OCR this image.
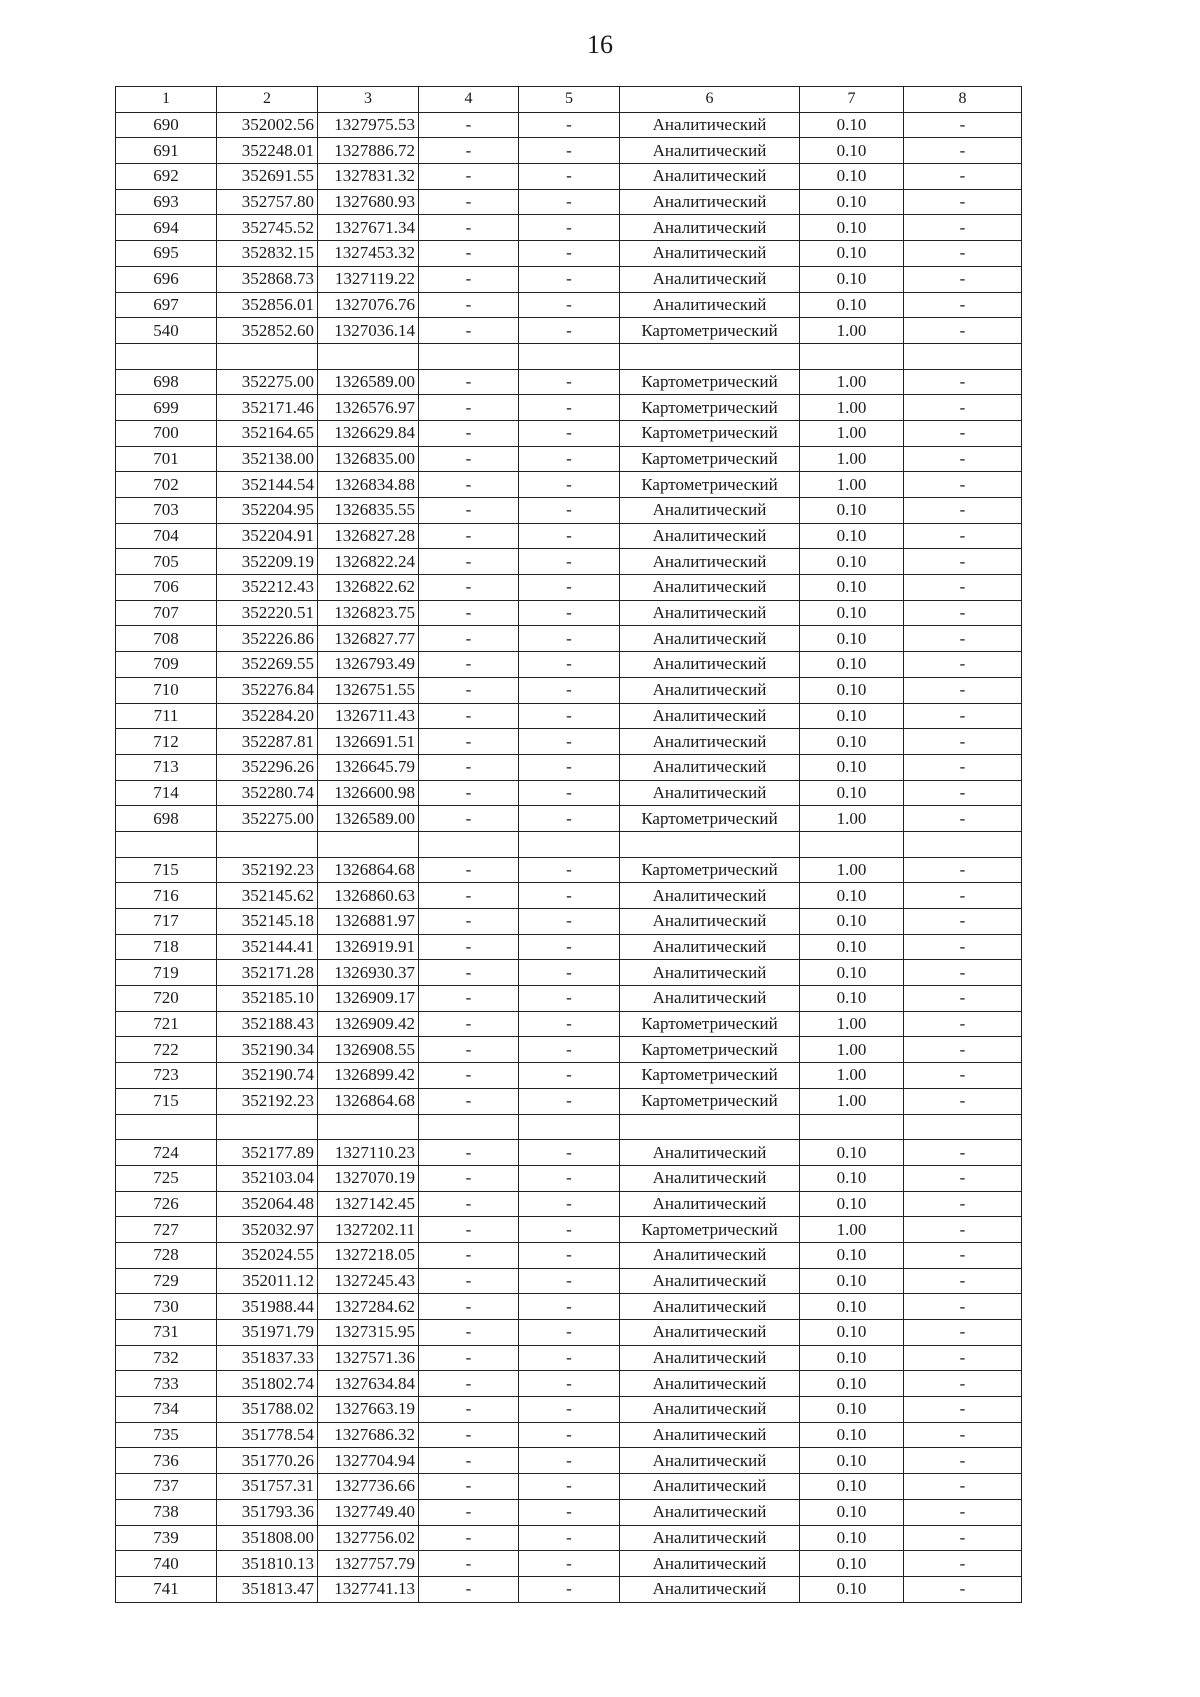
16
1	2	3	4	5	6	7	8
690	352002.56	1327975.53	-	-	Аналитический	0.10	-
691	352248.01	1327886.72	-	-	Аналитический	0.10	-
692	352691.55	1327831.32	-	-	Аналитический	0.10	-
693	352757.80	1327680.93	-	-	Аналитический	0.10	-
694	352745.52	1327671.34	-	-	Аналитический	0.10	-
695	352832.15	1327453.32	-	-	Аналитический	0.10	-
696	352868.73	1327119.22	-	-	Аналитический	0.10	-
697	352856.01	1327076.76	-	-	Аналитический	0.10	-
540	352852.60	1327036.14	-	-	Картометрический	1.00	-

698	352275.00	1326589.00	-	-	Картометрический	1.00	-
699	352171.46	1326576.97	-	-	Картометрический	1.00	-
700	352164.65	1326629.84	-	-	Картометрический	1.00	-
701	352138.00	1326835.00	-	-	Картометрический	1.00	-
702	352144.54	1326834.88	-	-	Картометрический	1.00	-
703	352204.95	1326835.55	-	-	Аналитический	0.10	-
704	352204.91	1326827.28	-	-	Аналитический	0.10	-
705	352209.19	1326822.24	-	-	Аналитический	0.10	-
706	352212.43	1326822.62	-	-	Аналитический	0.10	-
707	352220.51	1326823.75	-	-	Аналитический	0.10	-
708	352226.86	1326827.77	-	-	Аналитический	0.10	-
709	352269.55	1326793.49	-	-	Аналитический	0.10	-
710	352276.84	1326751.55	-	-	Аналитический	0.10	-
711	352284.20	1326711.43	-	-	Аналитический	0.10	-
712	352287.81	1326691.51	-	-	Аналитический	0.10	-
713	352296.26	1326645.79	-	-	Аналитический	0.10	-
714	352280.74	1326600.98	-	-	Аналитический	0.10	-
698	352275.00	1326589.00	-	-	Картометрический	1.00	-

715	352192.23	1326864.68	-	-	Картометрический	1.00	-
716	352145.62	1326860.63	-	-	Аналитический	0.10	-
717	352145.18	1326881.97	-	-	Аналитический	0.10	-
718	352144.41	1326919.91	-	-	Аналитический	0.10	-
719	352171.28	1326930.37	-	-	Аналитический	0.10	-
720	352185.10	1326909.17	-	-	Аналитический	0.10	-
721	352188.43	1326909.42	-	-	Картометрический	1.00	-
722	352190.34	1326908.55	-	-	Картометрический	1.00	-
723	352190.74	1326899.42	-	-	Картометрический	1.00	-
715	352192.23	1326864.68	-	-	Картометрический	1.00	-

724	352177.89	1327110.23	-	-	Аналитический	0.10	-
725	352103.04	1327070.19	-	-	Аналитический	0.10	-
726	352064.48	1327142.45	-	-	Аналитический	0.10	-
727	352032.97	1327202.11	-	-	Картометрический	1.00	-
728	352024.55	1327218.05	-	-	Аналитический	0.10	-
729	352011.12	1327245.43	-	-	Аналитический	0.10	-
730	351988.44	1327284.62	-	-	Аналитический	0.10	-
731	351971.79	1327315.95	-	-	Аналитический	0.10	-
732	351837.33	1327571.36	-	-	Аналитический	0.10	-
733	351802.74	1327634.84	-	-	Аналитический	0.10	-
734	351788.02	1327663.19	-	-	Аналитический	0.10	-
735	351778.54	1327686.32	-	-	Аналитический	0.10	-
736	351770.26	1327704.94	-	-	Аналитический	0.10	-
737	351757.31	1327736.66	-	-	Аналитический	0.10	-
738	351793.36	1327749.40	-	-	Аналитический	0.10	-
739	351808.00	1327756.02	-	-	Аналитический	0.10	-
740	351810.13	1327757.79	-	-	Аналитический	0.10	-
741	351813.47	1327741.13	-	-	Аналитический	0.10	-
